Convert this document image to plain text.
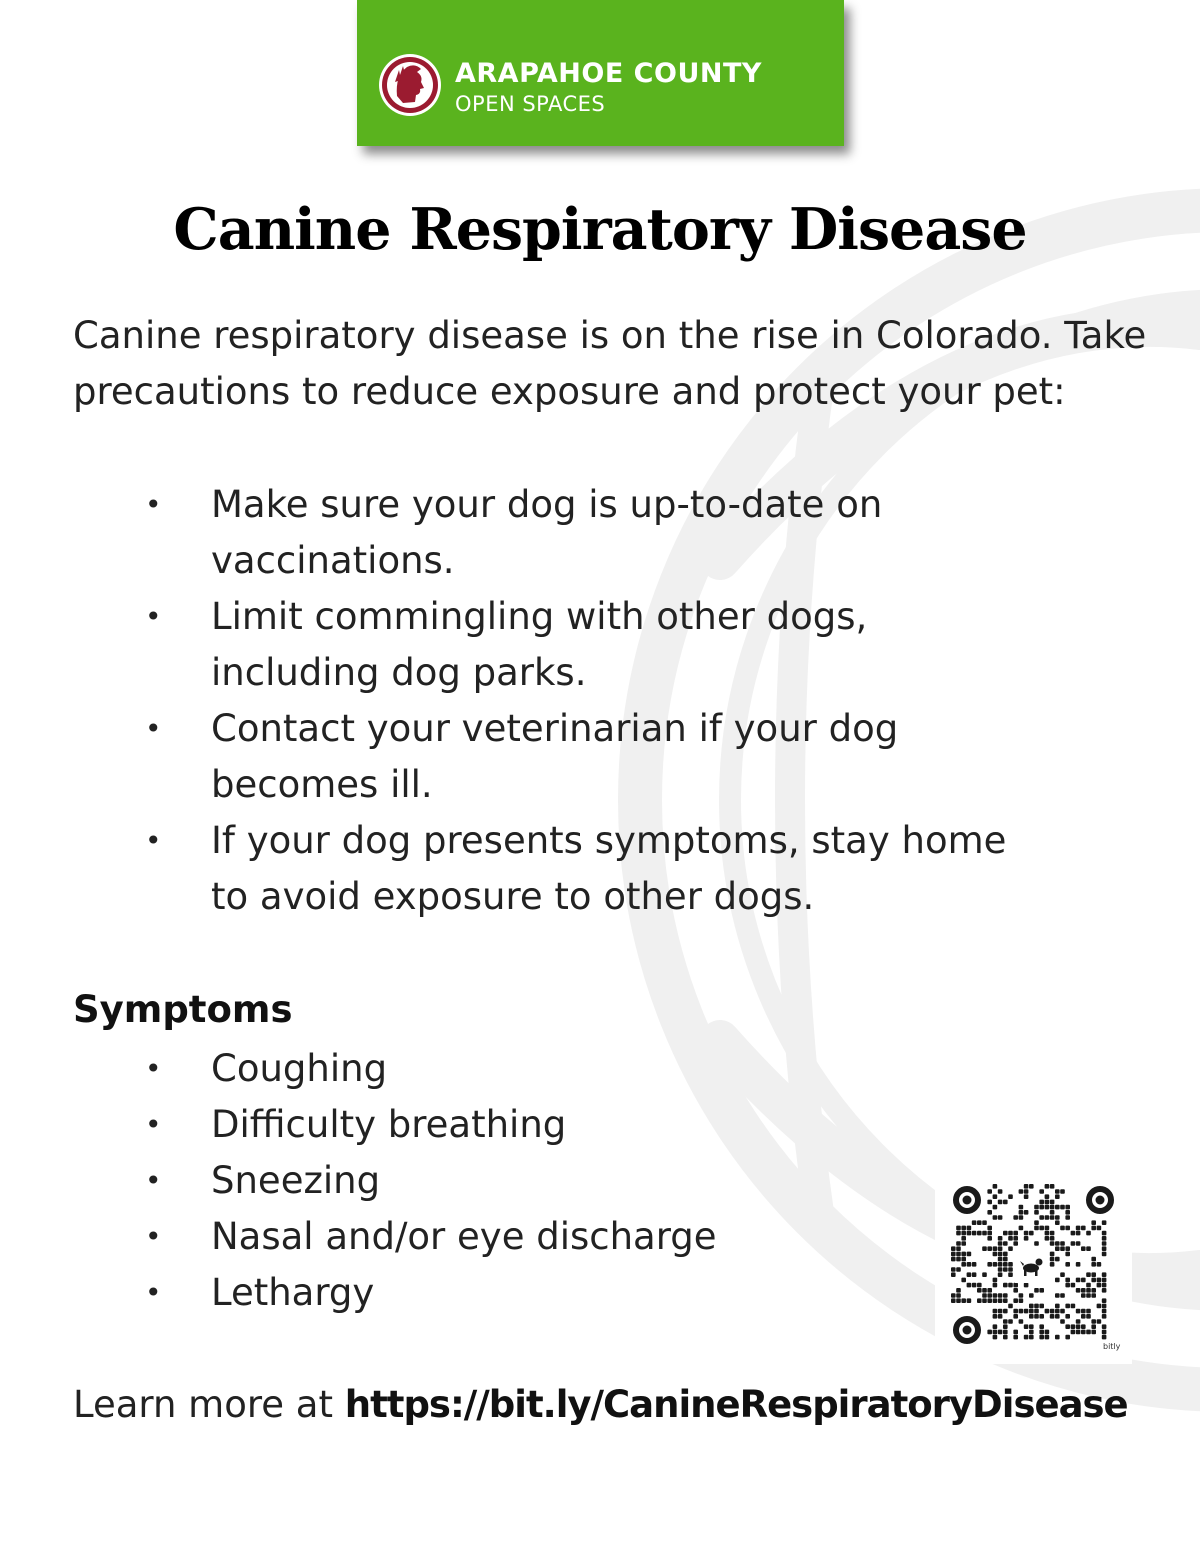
ARAPAHOE COUNTY
OPEN SPACES
Canine Respiratory Disease

Canine respiratory disease is on the rise in Colorado. Take precautions to reduce exposure and protect your pet:

• Make sure your dog is up-to-date on vaccinations.
• Limit commingling with other dogs, including dog parks.
• Contact your veterinarian if your dog becomes ill.
• If your dog presents symptoms, stay home to avoid exposure to other dogs.
Symptoms
• Coughing
• Difficulty breathing
• Sneezing
• Nasal and/or eye discharge
• Lethargy
bitly

Learn more at https://bit.ly/CanineRespiratoryDisease
